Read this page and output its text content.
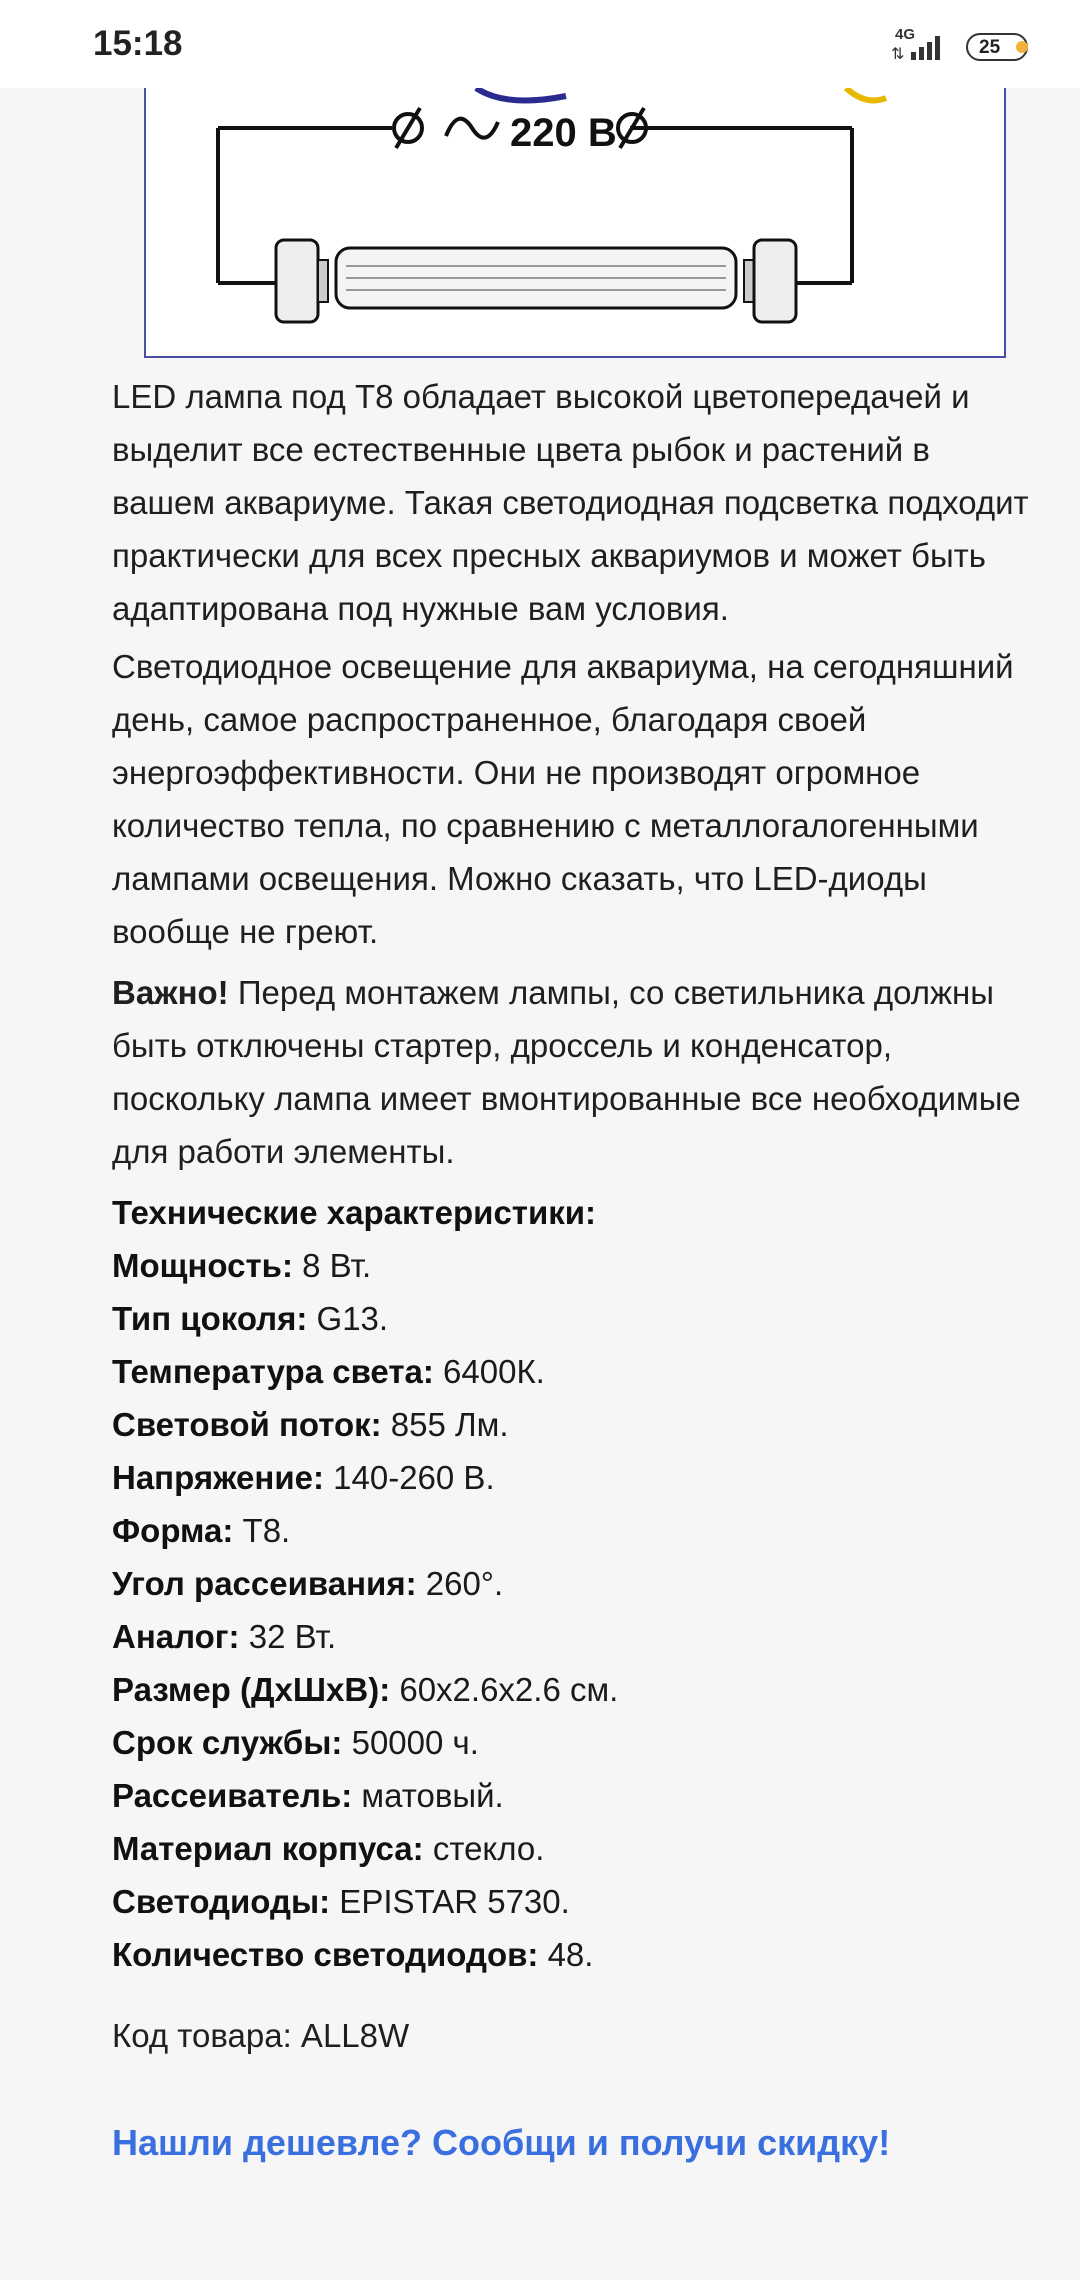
15:18	4G
⇅	25
220 В
LED лампа под Т8 обладает высокой цветопередачей и выделит все естественные цвета рыбок и растений в вашем аквариуме. Такая светодиодная подсветка подходит практически для всех пресных аквариумов и может быть адаптирована под нужные вам условия.
Светодиодное освещение для аквариума, на сегодняшний день, самое распространенное, благодаря своей энергоэффективности. Они не производят огромное количество тепла, по сравнению с металлогалогенными лампами освещения. Можно сказать, что LED-диоды вообще не греют.
Важно! Перед монтажем лампы, со светильника должны быть отключены стартер, дроссель и конденсатор, поскольку лампа имеет вмонтированные все необходимые для работи элементы.
Технические характеристики:
Мощность: 8 Вт.
Тип цоколя: G13.
Температура света: 6400К.
Световой поток: 855 Лм.
Напряжение: 140-260 В.
Форма: Т8.
Угол рассеивания: 260°.
Аналог: 32 Вт.
Размер (ДхШхВ): 60x2.6x2.6 см.
Срок службы: 50000 ч.
Рассеиватель: матовый.
Материал корпуса: стекло.
Светодиоды: EPISTAR 5730.
Количество светодиодов: 48.
Код товара: ALL8W
Нашли дешевле? Сообщи и получи скидку!
